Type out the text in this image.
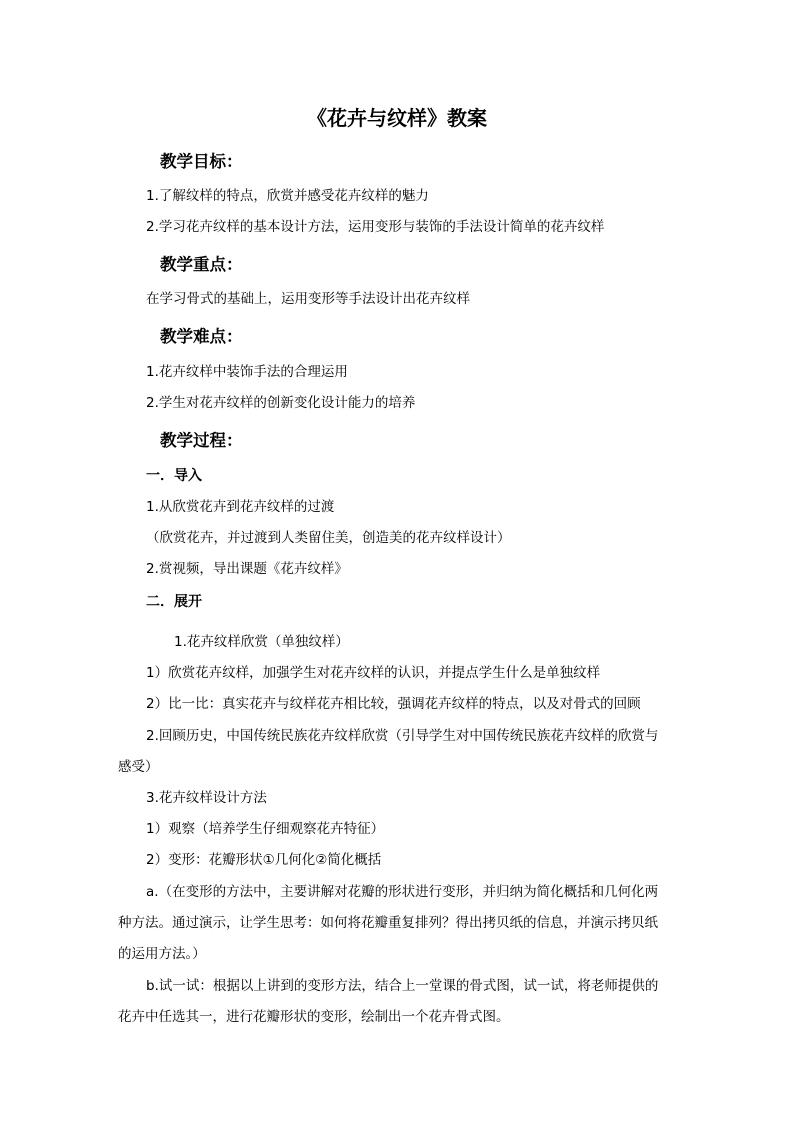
《花卉与纹样》教案
教学目标：
1.了解纹样的特点，欣赏并感受花卉纹样的魅力
2.学习花卉纹样的基本设计方法，运用变形与装饰的手法设计简单的花卉纹样
教学重点：
在学习骨式的基础上，运用变形等手法设计出花卉纹样
教学难点：
1.花卉纹样中装饰手法的合理运用
2.学生对花卉纹样的创新变化设计能力的培养
教学过程：
一．导入
1.从欣赏花卉到花卉纹样的过渡
（欣赏花卉，并过渡到人类留住美，创造美的花卉纹样设计）
2.赏视频，导出课题《花卉纹样》
二．展开
1.花卉纹样欣赏（单独纹样）
1）欣赏花卉纹样，加强学生对花卉纹样的认识，并提点学生什么是单独纹样
2）比一比：真实花卉与纹样花卉相比较，强调花卉纹样的特点，以及对骨式的回顾
2.回顾历史，中国传统民族花卉纹样欣赏（引导学生对中国传统民族花卉纹样的欣赏与
感受）
3.花卉纹样设计方法
1）观察（培养学生仔细观察花卉特征）
2）变形：花瓣形状①几何化②简化概括
a.（在变形的方法中，主要讲解对花瓣的形状进行变形，并归纳为简化概括和几何化两
种方法。通过演示，让学生思考：如何将花瓣重复排列？得出拷贝纸的信息，并演示拷贝纸
的运用方法。）
b.试一试：根据以上讲到的变形方法，结合上一堂课的骨式图，试一试，将老师提供的
花卉中任选其一，进行花瓣形状的变形，绘制出一个花卉骨式图。
